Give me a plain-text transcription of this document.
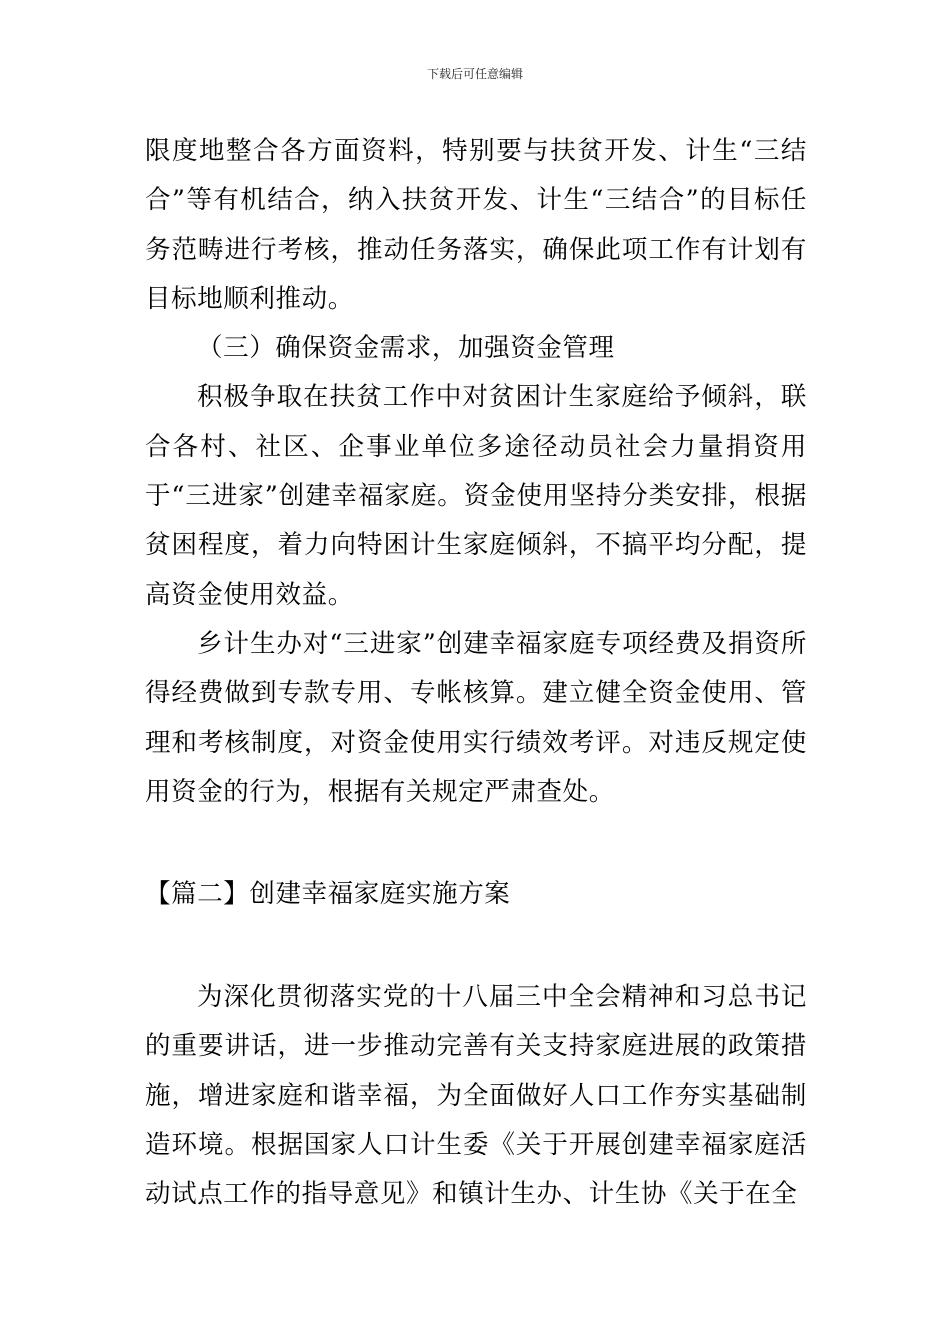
下载后可任意编辑

限度地整合各方面资料，特别要与扶贫开发、计生“三结合”等有机结合，纳入扶贫开发、计生“三结合”的目标任务范畴进行考核，推动任务落实，确保此项工作有计划有目标地顺利推动。

（三）确保资金需求，加强资金管理

积极争取在扶贫工作中对贫困计生家庭给予倾斜，联合各村、社区、企事业单位多途径动员社会力量捐资用于“三进家”创建幸福家庭。资金使用坚持分类安排，根据贫困程度，着力向特困计生家庭倾斜，不搞平均分配，提高资金使用效益。

乡计生办对“三进家”创建幸福家庭专项经费及捐资所得经费做到专款专用、专帐核算。建立健全资金使用、管理和考核制度，对资金使用实行绩效考评。对违反规定使用资金的行为，根据有关规定严肃查处。

【篇二】创建幸福家庭实施方案

为深化贯彻落实党的十八届三中全会精神和习总书记的重要讲话，进一步推动完善有关支持家庭进展的政策措施，增进家庭和谐幸福，为全面做好人口工作夯实基础制造环境。根据国家人口计生委《关于开展创建幸福家庭活动试点工作的指导意见》和镇计生办、计生协《关于在全
